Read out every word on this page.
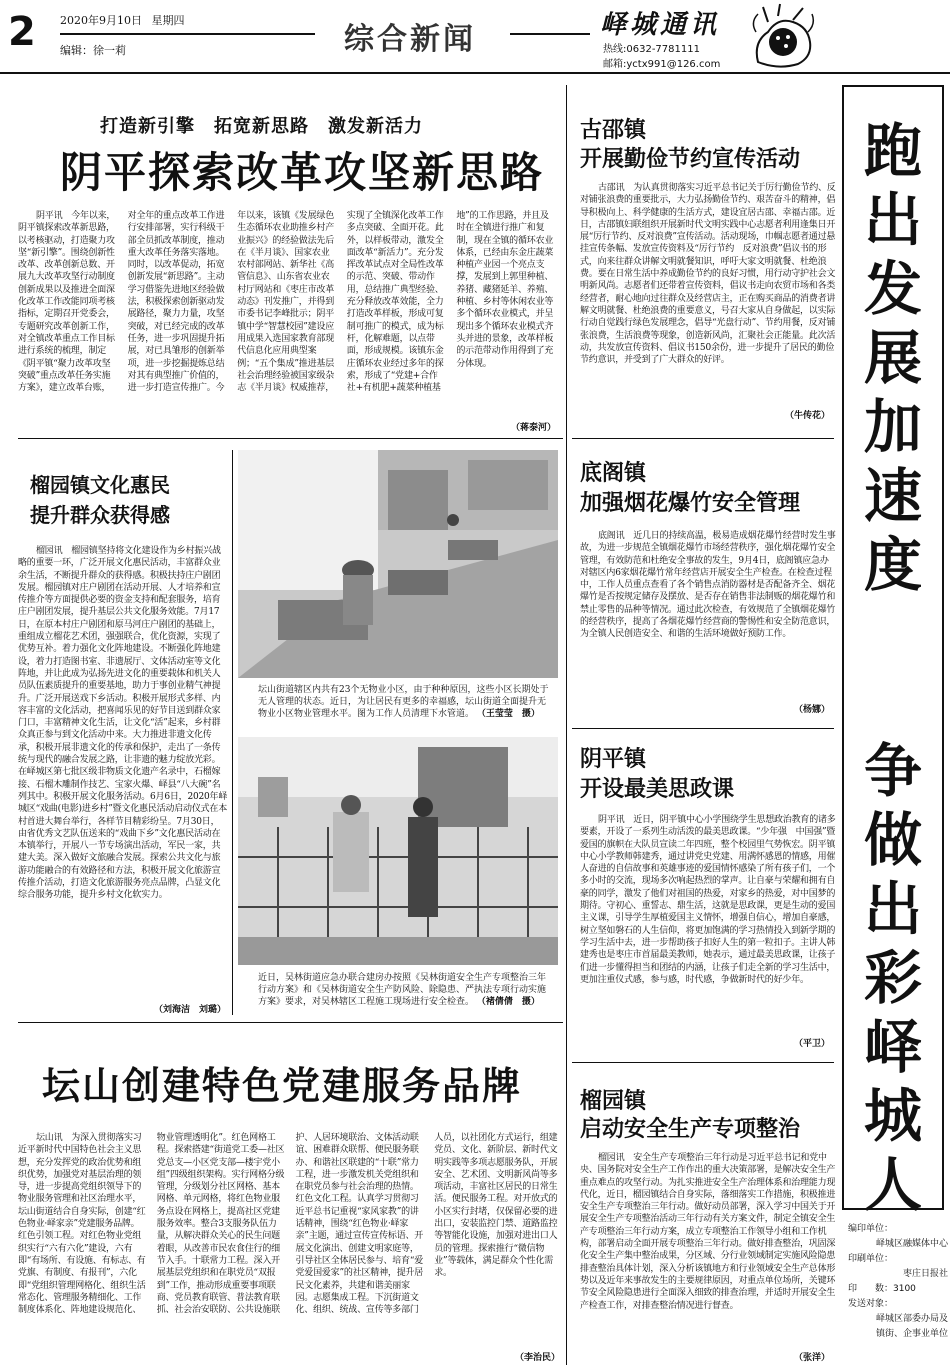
2 2020年9月10日 星期四
编辑：徐一莉	综合新闻	峄城通讯
热线:0632-7781111
邮箱:yctx991@126.com
跑出发展加速度
争做出彩峄城人
编印单位：
峄城区融媒体中心
印刷单位：
枣庄日报社
印　　数：3100
发送对象：
峄城区部委办局及
镇街、企事业单位
打造新引擎　拓宽新思路　激发新活力
阴平探索改革攻坚新思路

阴平讯　今年以来，阴平镇探索改革新思路，以考核驱动，打造聚力攻坚“新引擎”。围绕创新性改革、改革创新总数、开展九大改革攻坚行动制度创新成果以及推进全面深化改革工作改能同项考核指标，定期召开党委会，专题研究改革创新工作，对全镇改革重点工作目标进行系统的梳理，制定《阴平镇“聚力改革攻坚突破”重点改革任务实施方案》，建立改革台账，对全年的重点改革工作进行安排部署，实行科级干部全员抓改革制度，推动重大改革任务落实落地。同时，以改革促动，拓宽创新发展“新思路”。主动学习借鉴先进地区经验做法，积极探索创新驱动发展路径，聚力力量，攻坚突破，对已经完成的改革任务，进一步巩固提升拓展，对已具雏形的创新举项，进一步挖掘提炼总结对其有典型推广价值的，进一步打造宣传推广。今年以来，该镇《发展绿色生态循环农业助推乡村产业振兴》的经验做法先后在《半月谈》、国家农业农村部网站、新华社《高管信息》、山东省农业农村厅网站和《枣庄市改革动态》刊发推广，并得到市委书记李峰批示；阴平镇中学“智慧校园”建设应用成果入选国家教育部现代信息化应用典型案例；“五个集成”推进基层社会治理经验被国家级杂志《半月谈》权威推荐，实现了全镇深化改革工作多点突破、全面开花。此外，以样板带动，激发全面改革“新活力”。充分发挥改革试点对全局性改革的示范、突破、带动作用，总结推广典型经验、充分释放改革效能，全力打造改革样板，形成可复制可推广的模式，成为标杆，化解难题，以点带面，形成规模。该镇东金庄循环农业经过多年的探索，形成了“党建+合作社+有机肥+蔬菜种植基地”的工作思路，并且及时在全镇进行推广和复制，现在全镇的循环农业体系，已经由东金庄蔬菜种植产业园一个亮点支撑，发展到上郭里种植、养猪、藏猪延羊、养殖、种植、乡村等休闲农业等多个循环农业模式，并呈现出多个循环农业模式齐头并进的景象，改革样板的示范带动作用得到了充分体现。

（蒋泰河）
榴园镇文化惠民
提升群众获得感

榴园讯　榴园镇坚持将文化建设作为乡村振兴战略的重要一环，广泛开展文化惠民活动，丰富群众业余生活，不断提升群众的获得感。积极扶持庄户剧团发展。榴园镇对庄户剧团在活动开展、人才培养和宣传推介等方面提供必要的资金支持和配套服务，培育庄户剧团发展，提升基层公共文化服务效能。7月17日，在原本村庄户剧团和原马河庄户剧团的基础上，重组成立榴花艺术团，强强联合，优化资源，实现了优势互补。着力强化文化阵地建设。不断强化阵地建设，着力打造图书室、非遗展厅、文体活动室等文化阵地，并让此成为弘扬先进文化的重要载体和机关人员队伍素质提升的重要基地，助力于事创业精气神提升。广泛开展送戏下乡活动。积极开展形式多样、内容丰富的文化活动，把喜闻乐见的好节目送到群众家门口，丰富精神文化生活，让文化“活”起来，乡村群众真正参与到文化活动中来。大力推进非遗文化传承，积极开展非遗文化的传承和保护，走出了一条传统与现代的融合发展之路，让非遗的魅力绽放光彩。在峄城区第七批区级非物质文化遗产名录中，石榴嫁接、石榴木雕制作技艺、宝家火爆、峄县“八大碗”名列其中。积极开展文化服务活动。6月6日，2020年峄城区“戏曲(电影)进乡村”暨文化惠民活动启动仪式在本村首进大舞台举行，各样节目精彩纷呈。7月30日，由省优秀文艺队伍送来的“戏曲下乡”文化惠民活动在本镇举行，开展八一节专场演出活动，军民一家，共建大美。深入做好文旅融合发展。探索公共文化与旅游功能融合的有效路径和方法，积极开展文化旅游宣传推介活动，打造文化旅游服务亮点品牌，凸显文化综合服务功能，提升乡村文化软实力。

（刘海洁　刘璐）
坛山街道辖区内共有23个无物业小区，由于种种原因，这些小区长期处于无人管理的状态。近日，为让居民有更多的幸福感，坛山街道全面提升无物业小区物业管理水平。图为工作人员清理下水管道。 （王莹莹　摄）
近日，吴林街道应急办联合建房办按照《吴林街道安全生产专项整治三年行动方案》和《吴林街道安全生产防风险、除隐患、严执法专项行动实施方案》要求，对吴林辖区工程施工现场进行安全检查。 （褚倩倩　摄）
古邵镇
开展勤俭节约宣传活动

古邵讯　为认真贯彻落实习近平总书记关于厉行勤俭节约、反对铺张浪费的重要批示，大力弘扬勤俭节约、艰苦奋斗的精神，倡导积极向上、科学健康的生活方式，建设宜居古邵、幸福古邵。近日，古邵镇妇联组织开展新时代文明实践中心志愿者利用逢集日开展“厉行节约、反对浪费”宣传活动。活动现场，巾帼志愿者通过悬挂宣传条幅、发放宣传资料及“厉行节约　反对浪费”倡议书的形式，向来往群众讲解文明就餐知识，呼吁大家文明就餐、杜绝浪费。要在日常生活中养成勤俭节约的良好习惯，用行动守护社会文明新风尚。志愿者们还带着宣传资料，倡议书走向农贸市场和各类经营者，耐心地向过往群众及经营店主，正在购买商品的消费者讲解文明就餐、杜绝浪费的重要意义，号召大家从自身做起，以实际行动自觉践行绿色发展理念，倡导“光盘行动”、节约用餐，反对铺张浪费，生活浪费等现象，创造新风尚，汇聚社会正能量。此次活动，共发放宣传资料、倡议书150余份，进一步提升了居民的勤俭节约意识，并受到了广大群众的好评。

（牛传花）
底阁镇
加强烟花爆竹安全管理

底阁讯　近几日的持续高温，极易造成烟花爆竹经营时发生事故，为进一步规范全镇烟花爆竹市场经营秩序，强化烟花爆竹安全管理，有效防范和杜绝安全事故的发生，9月4日，底阁镇应急办对辖区内6家烟花爆竹常年经营店开展安全生产检查。在检查过程中，工作人员重点查看了各个销售点消防器材是否配备齐全、烟花爆竹是否按规定储存及摆放、是否存在销售非法制贩的烟花爆竹和禁止零售的品种等情况。通过此次检查，有效规范了全镇烟花爆竹的经营秩序，提高了各烟花爆竹经营商的警惕性和安全防范意识，为全镇人民创造安全、和谐的生活环境做好预防工作。

（杨娜）
阴平镇
开设最美思政课

阴平讯　近日，阴平镇中心小学围绕学生思想政治教育的诸多要素，开设了一系列生动活泼的最美思政课。“少年强　中国强”暨爱国的旗帜在大队员宣读二年四班，整个校园里气势恢宏。阴平镇中心小学教师韩建秀，通过讲党史党建、用满怀感恩的情感，用催人奋进的自信故事和英雄事迹的爱国情怀感染了所有孩子们，一个多小时的交流，现场多次响起热烈的掌声。让自豪与荣耀和拥有自豪的同学，激发了他们对祖国的热爱，对家乡的热爱，对中国梦的期待。守初心、重誓志、鼎生活，这就是思政课，更是生动的爱国主义课，引导学生厚植爱国主义情怀，增强自信心，增加自豪感，树立坚如磐石的人生信仰，将更加饱满的学习热情投入到新学期的学习生活中去，进一步帮助孩子扣好人生的第一粒扣子。主讲人韩建秀也是枣庄市首届最美教师，她表示，通过最美思政课，让孩子们进一步懂得担当和团结的内涵，让孩子们走全新的学习生活中，更加注重仪式感，参与感，时代感，争做新时代的好少年。

（平卫）
榴园镇
启动安全生产专项整治

榴园讯　安全生产专项整治三年行动是习近平总书记和党中央、国务院对安全生产工作作出的重大决策部署，是解决安全生产重点难点的攻坚行动。为扎实推进安全生产治理体系和治理能力现代化，近日，榴园镇结合自身实际，落细落实工作措施，积极推进安全生产专项整治三年行动。做好动员部署，深入学习中国关于开展安全生产专项整治活动三年行动有关方案文件，制定全镇安全生产专项整治三年行动方案，成立专项整治工作领导小组和工作机构，部署启动全面开展专项整治三年行动。做好排查整治，巩固深化安全生产集中整治成果，分区域、分行业领域制定实施风险隐患排查整治具体计划，深入分析该镇地方和行业领域安全生产总体形势以及近年来事故发生的主要规律原因，对重点单位场所，关键环节安全风险隐患进行全面深入细致的排查治理，并适时开展安全生产检查工作，对排查整治情况进行督查。

（张洋）
坛山创建特色党建服务品牌

坛山讯　为深入贯彻落实习近平新时代中国特色社会主义思想，充分发挥党的政治优势和组织优势，加强党对基层治理的领导，进一步提高党组织领导下的物业服务管理和社区治理水平，坛山街道结合自身实际，创建“红色物业·峄家亲”党建服务品牌。红色引领工程。对红色物业党组织实行“六有六化”建设，六有即“有场所、有设施、有标志、有党旗、有制度、有报刊”，六化即“党组织管理网格化、组织生活常态化、管理服务精细化、工作制度体系化、阵地建设规范化、物业管理透明化”。红色网格工程。探索搭建“街道党工委—社区党总支—小区党支部—楼宇党小组”四级组织架构。实行网格分级管理，分级划分社区网格、基本网格、单元网格，将红色物业服务点设在网格上，提高社区党建服务效率。整合3支服务队伍力量，从解决群众关心的民生问题着眼，从改善市民农食住行的细节入手。十联常力工程。深入开展基层党组织和在职党员“双报到”工作，推动形成重要事项联商、党员教育联管、普法教育联抓、社会治安联防、公共设施联护、人居环境联治、文体活动联谊、困难群众联帮、便民服务联办、和谐社区联建的“十联”常力工程，进一步激发机关党组织和在职党员参与社会治理的热情。红色文化工程。认真学习贯彻习近平总书记重视“家风家教”的讲话精神，围绕“红色物业·峄家亲”主题，通过宣传宣传标语、开展文化演出、创建文明家庭等，引导社区全体居民参与、培育“爱党爱国爱家”的社区精神，提升居民文化素养，共建和谐美丽家园。志愿集成工程。下沉街道文化、组织、统战、宣传等多部门人员，以社团化方式运行，组建党员、文化、新阶层、新时代文明实践等多项志愿服务队，开展安全、艺术团、文明新风尚等多项活动，丰富社区居民的日常生活。便民服务工程。对开放式的小区实行封堵，仅保留必要的进出口，安装监控门禁、道路监控等智能化设施，加强对进出口人员的管理。探索推行“微信物业”等载体，满足群众个性化需求。

（李治民）
